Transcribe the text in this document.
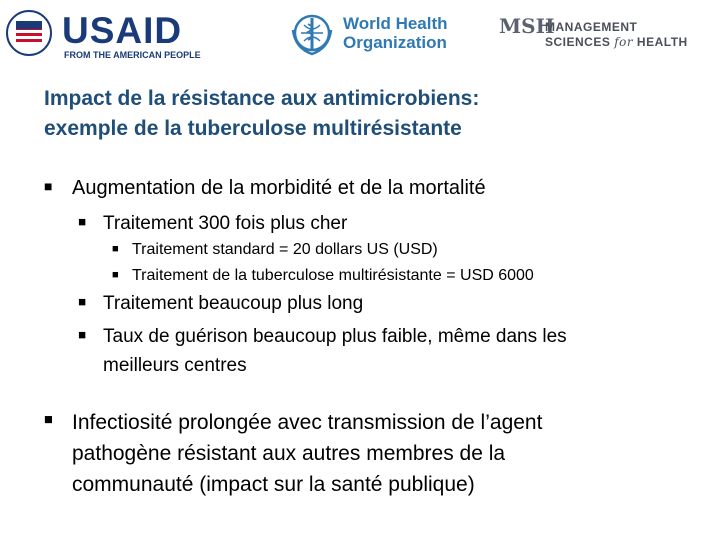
USAID
FROM THE AMERICAN PEOPLE
World Health
Organization
MSH
MANAGEMENT
SCIENCES for HEALTH
Impact de la résistance aux antimicrobiens:
exemple de la tuberculose multirésistante
■ Augmentation de la morbidité et de la mortalité
■ Traitement 300 fois plus cher
■ Traitement standard = 20 dollars US (USD)
■ Traitement de la tuberculose multirésistante = USD 6000
■ Traitement beaucoup plus long
■ Taux de guérison beaucoup plus faible, même dans les
meilleurs centres
■ Infectiosité prolongée avec transmission de l’agent
pathogène résistant aux autres membres de la
communauté (impact sur la santé publique)
